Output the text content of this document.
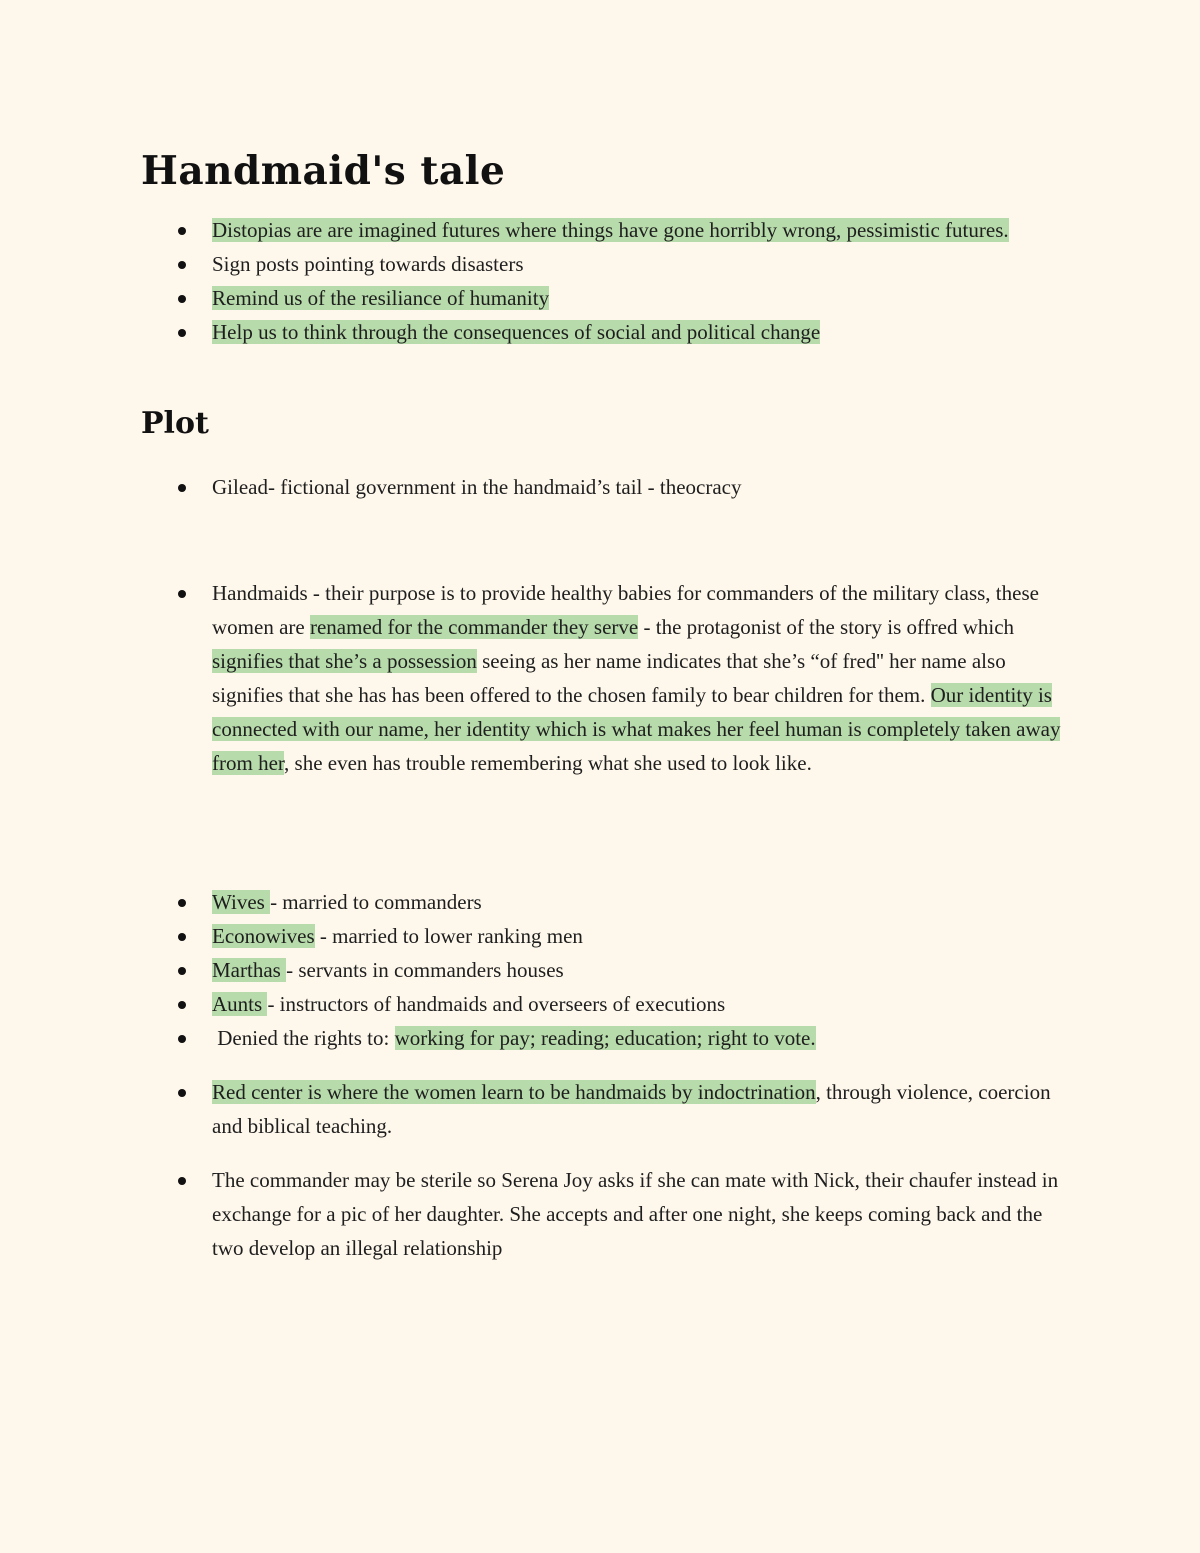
Handmaid's tale
Distopias are are imagined futures where things have gone horribly wrong, pessimistic futures.
Sign posts pointing towards disasters
Remind us of the resiliance of humanity
Help us to think through the consequences of social and political change
Plot
Gilead- fictional government in the handmaid’s tail - theocracy
Handmaids - their purpose is to provide healthy babies for commanders of the military class, these women are renamed for the commander they serve - the protagonist of the story is offred which signifies that she’s a possession seeing as her name indicates that she’s “of fred'' her name also signifies that she has has been offered to the chosen family to bear children for them. Our identity is connected with our name, her identity which is what makes her feel human is completely taken away from her, she even has trouble remembering what she used to look like.
Wives - married to commanders
Econowives - married to lower ranking men
Marthas - servants in commanders houses
Aunts - instructors of handmaids and overseers of executions
Denied the rights to: working for pay; reading; education; right to vote.
Red center is where the women learn to be handmaids by indoctrination, through violence, coercion and biblical teaching.
The commander may be sterile so Serena Joy asks if she can mate with Nick, their chaufer instead in exchange for a pic of her daughter. She accepts and after one night, she keeps coming back and the two develop an illegal relationship
